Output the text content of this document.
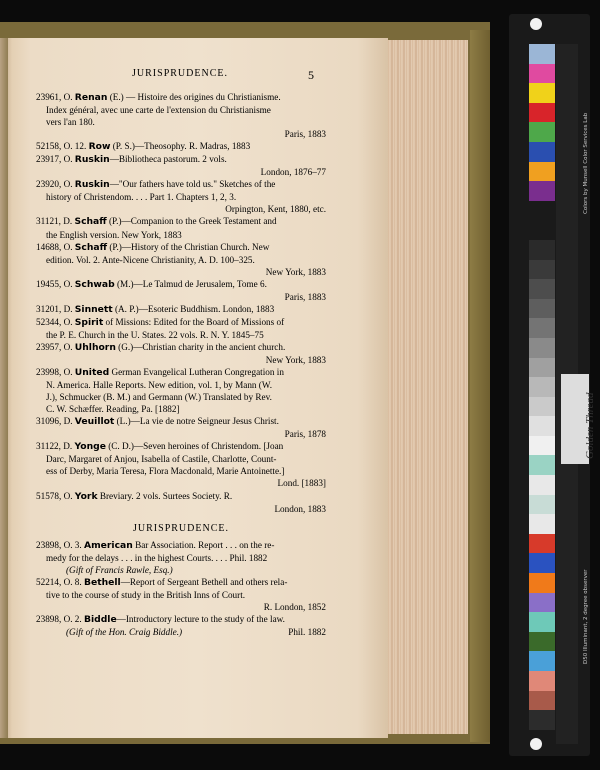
JURISPRUDENCE.	5
23961, O. Renan (E.) — Histoire des origines du Christianisme.
Index général, avec une carte de l'extension du Christianisme
vers l'an 180.
Paris, 1883
52158, O. 12. Row (P. S.)—Theosophy. R. Madras, 1883
23917, O. Ruskin—Bibliotheca pastorum. 2 vols.
London, 1876–77
23920, O. Ruskin—"Our fathers have told us." Sketches of the
history of Christendom. . . . Part 1. Chapters 1, 2, 3.
Orpington, Kent, 1880, etc.
31121, D. Schaff (P.)—Companion to the Greek Testament and
the English version. New York, 1883
14688, O. Schaff (P.)—History of the Christian Church. New
edition. Vol. 2. Ante-Nicene Christianity, A. D. 100–325.
New York, 1883
19455, O. Schwab (M.)—Le Talmud de Jerusalem, Tome 6.
Paris, 1883
31201, D. Sinnett (A. P.)—Esoteric Buddhism. London, 1883
52344, O. Spirit of Missions: Edited for the Board of Missions of
the P. E. Church in the U. States. 22 vols. R. N. Y. 1845–75
23957, O. Uhlhorn (G.)—Christian charity in the ancient church.
New York, 1883
23998, O. United German Evangelical Lutheran Congregation in
N. America. Halle Reports. New edition, vol. 1, by Mann (W.
J.), Schmucker (B. M.) and Germann (W.) Translated by Rev.
C. W. Schæffer. Reading, Pa. [1882]
31096, D. Veuillot (L.)—La vie de notre Seigneur Jesus Christ.
Paris, 1878
31122, D. Yonge (C. D.)—Seven heroines of Christendom. [Joan
Darc, Margaret of Anjou, Isabella of Castile, Charlotte, Count-
ess of Derby, Maria Teresa, Flora Macdonald, Marie Antoinette.]
Lond. [1883]
51578, O. York Breviary. 2 vols. Surtees Society. R.
London, 1883
JURISPRUDENCE.
23898, O. 3. American Bar Association. Report . . . on the re-
medy for the delays . . . in the highest Courts. . . . Phil. 1882
(Gift of Francis Rawle, Esq.)
52214, O. 8. Bethell—Report of Sergeant Bethell and others rela-
tive to the course of study in the British Inns of Court.
R. London, 1852
23898, O. 2. Biddle—Introductory lecture to the study of the law.
(Gift of the Hon. Craig Biddle.)	Phil. 1882
Golden Thread
Colors by Munsell Color Services Lab
D50 Illuminant, 2 degree observer
